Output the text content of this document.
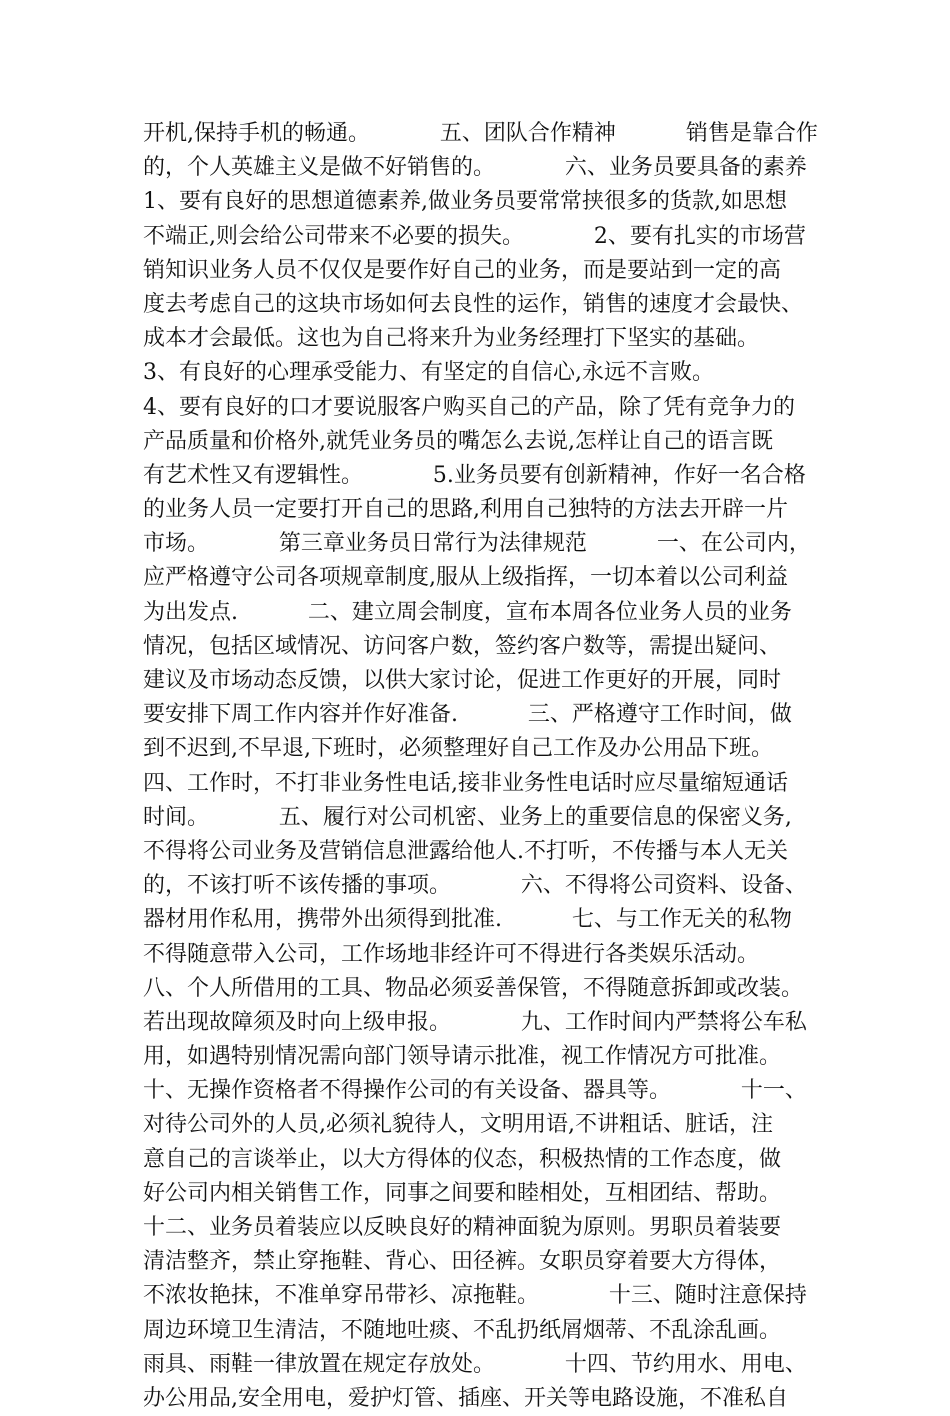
开机,保持手机的畅通。          五、团队合作精神          销售是靠合作
的，个人英雄主义是做不好销售的。          六、业务员要具备的素养
1、要有良好的思想道德素养,做业务员要常常挟很多的货款,如思想
不端正,则会给公司带来不必要的损失。          2、要有扎实的市场营
销知识业务人员不仅仅是要作好自己的业务，而是要站到一定的高
度去考虑自己的这块市场如何去良性的运作，销售的速度才会最快、
成本才会最低。这也为自己将来升为业务经理打下坚实的基础。
3、有良好的心理承受能力、有坚定的自信心,永远不言败。
4、要有良好的口才要说服客户购买自己的产品，除了凭有竞争力的
产品质量和价格外,就凭业务员的嘴怎么去说,怎样让自己的语言既
有艺术性又有逻辑性。          5.业务员要有创新精神，作好一名合格
的业务人员一定要打开自己的思路,利用自己独特的方法去开辟一片
市场。          第三章业务员日常行为法律规范          一、在公司内，
应严格遵守公司各项规章制度,服从上级指挥，一切本着以公司利益
为出发点.          二、建立周会制度，宣布本周各位业务人员的业务
情况，包括区域情况、访问客户数，签约客户数等，需提出疑问、
建议及市场动态反馈，以供大家讨论，促进工作更好的开展，同时
要安排下周工作内容并作好准备.          三、严格遵守工作时间，做
到不迟到,不早退,下班时，必须整理好自己工作及办公用品下班。
四、工作时，不打非业务性电话,接非业务性电话时应尽量缩短通话
时间。          五、履行对公司机密、业务上的重要信息的保密义务,
不得将公司业务及营销信息泄露给他人.不打听，不传播与本人无关
的，不该打听不该传播的事项。          六、不得将公司资料、设备、
器材用作私用，携带外出须得到批准.          七、与工作无关的私物
不得随意带入公司，工作场地非经许可不得进行各类娱乐活动。
八、个人所借用的工具、物品必须妥善保管，不得随意拆卸或改装。
若出现故障须及时向上级申报。          九、工作时间内严禁将公车私
用，如遇特别情况需向部门领导请示批准，视工作情况方可批准。
十、无操作资格者不得操作公司的有关设备、器具等。          十一、
对待公司外的人员,必须礼貌待人，文明用语,不讲粗话、脏话，注
意自己的言谈举止，以大方得体的仪态，积极热情的工作态度，做
好公司内相关销售工作，同事之间要和睦相处，互相团结、帮助。
十二、业务员着装应以反映良好的精神面貌为原则。男职员着装要
清洁整齐，禁止穿拖鞋、背心、田径裤。女职员穿着要大方得体，
不浓妆艳抹，不准单穿吊带衫、凉拖鞋。          十三、随时注意保持
周边环境卫生清洁，不随地吐痰、不乱扔纸屑烟蒂、不乱涂乱画。
雨具、雨鞋一律放置在规定存放处。          十四、节约用水、用电、
办公用品,安全用电，爱护灯管、插座、开关等电路设施，不准私自
